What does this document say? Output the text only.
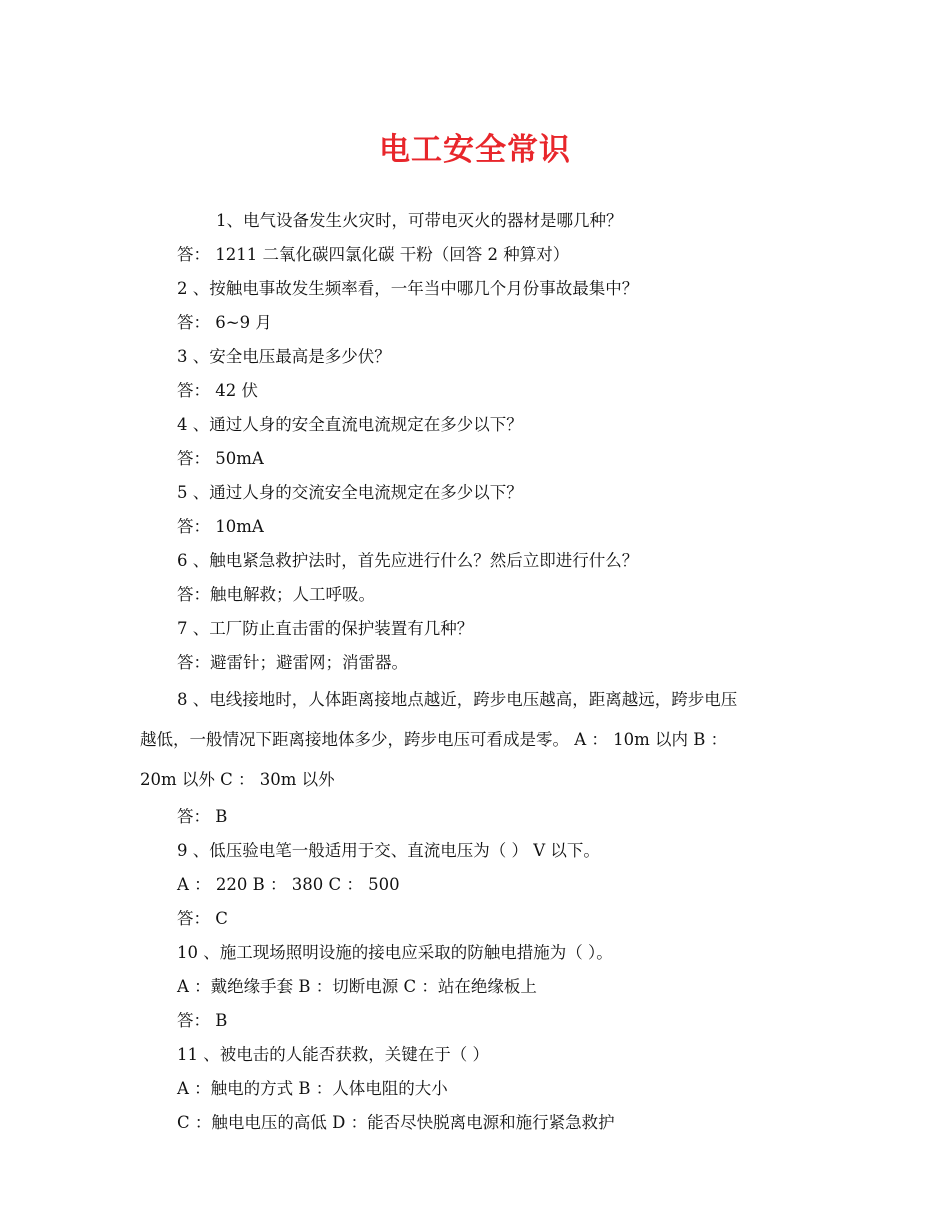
电工安全常识

1、电气设备发生火灾时，可带电灭火的器材是哪几种？

答： 1211 二氧化碳四氯化碳 干粉（回答 2 种算对）

2 、按触电事故发生频率看，一年当中哪几个月份事故最集中？

答： 6~9 月

3 、安全电压最高是多少伏？

答： 42 伏

4 、通过人身的安全直流电流规定在多少以下？

答： 50mA

5 、通过人身的交流安全电流规定在多少以下？

答： 10mA

6 、触电紧急救护法时，首先应进行什么？然后立即进行什么？

答：触电解救；人工呼吸。

7 、工厂防止直击雷的保护装置有几种？

答：避雷针；避雷网；消雷器。

8 、电线接地时，人体距离接地点越近，跨步电压越高，距离越远，跨步电压

越低，一般情况下距离接地体多少，跨步电压可看成是零。 A ： 10m 以内 B ：

20m 以外 C ： 30m 以外

答： B

9 、低压验电笔一般适用于交、直流电压为（ ） V 以下。

A ： 220 B ： 380 C ： 500

答： C

10 、施工现场照明设施的接电应采取的防触电措施为（ ）。

A ：戴绝缘手套 B ：切断电源 C ：站在绝缘板上

答： B

11 、被电击的人能否获救，关键在于（ ）

A ：触电的方式 B ：人体电阻的大小

C ：触电电压的高低 D ：能否尽快脱离电源和施行紧急救护
